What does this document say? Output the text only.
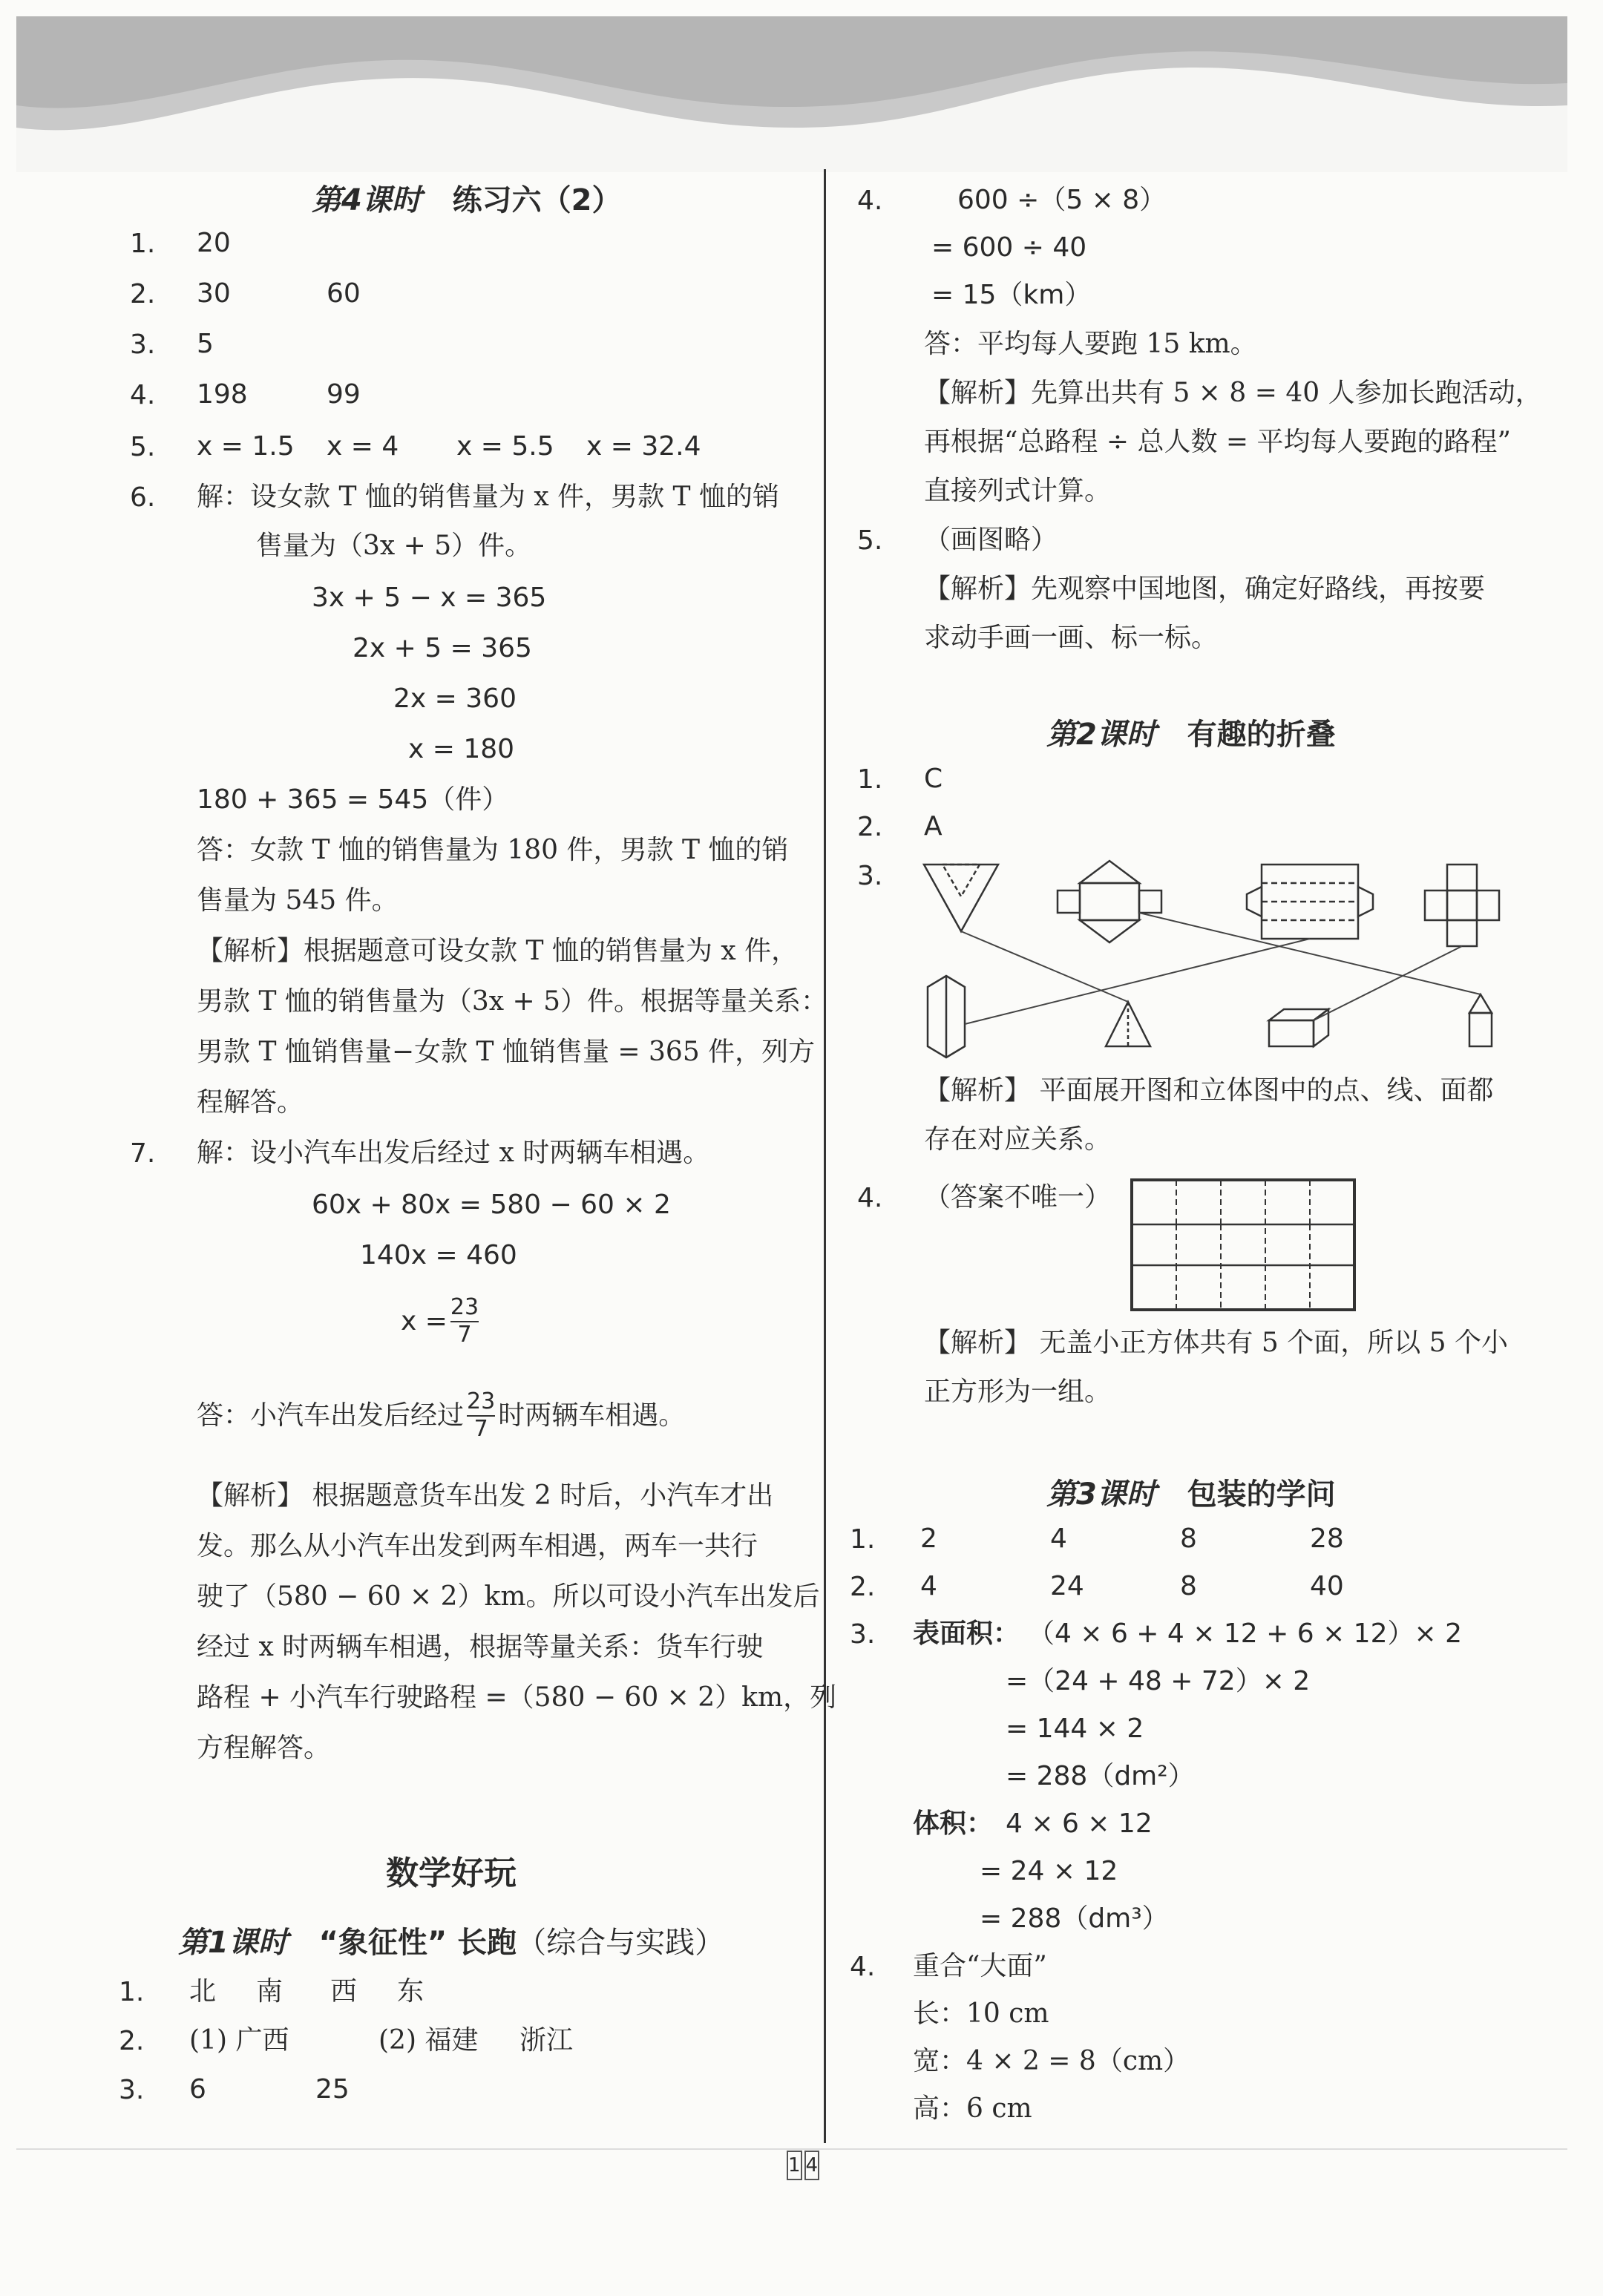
第4课时 练习六（2）
1. 20
2. 30	60
3. 5
4. 198	99
5. x = 1.5 x = 4 x = 5.5 x = 32.4
6. 解：设女款 T 恤的销售量为 x 件，男款 T 恤的销
售量为（3x + 5）件。
3x + 5 − x = 365
2x + 5 = 365
2x = 360
x = 180
180 + 365 = 545（件）
答：女款 T 恤的销售量为 180 件，男款 T 恤的销
售量为 545 件。
【解析】根据题意可设女款 T 恤的销售量为 x 件，
男款 T 恤的销售量为（3x + 5）件。根据等量关系：
男款 T 恤销售量−女款 T 恤销售量 = 365 件，列方
程解答。
7. 解：设小汽车出发后经过 x 时两辆车相遇。
60x + 80x = 580 − 60 × 2
140x = 460
$x = \frac{23}{7}$
答：小汽车出发后经过 $\frac{23}{7}$ 时两辆车相遇。
【解析】 根据题意货车出发 2 时后，小汽车才出
发。那么从小汽车出发到两车相遇，两车一共行
驶了（580 − 60 × 2）km。所以可设小汽车出发后
经过 x 时两辆车相遇，根据等量关系：货车行驶
路程 + 小汽车行驶路程 =（580 − 60 × 2）km，列
方程解答。
数学好玩
第1课时 “象征性” 长跑（综合与实践）
1. 北 南 西 东
2. (1) 广西	(2) 福建 浙江
3. 6	25
4.	600 ÷（5 × 8）
= 600 ÷ 40
= 15（km）
答：平均每人要跑 15 km。
【解析】先算出共有 5 × 8 = 40 人参加长跑活动，
再根据“总路程 ÷ 总人数 = 平均每人要跑的路程”
直接列式计算。
5. （画图略）
【解析】先观察中国地图，确定好路线，再按要
求动手画一画、标一标。
第2课时 有趣的折叠
1. C
2. A
3.
【解析】 平面展开图和立体图中的点、线、面都
存在对应关系。
4. （答案不唯一）
【解析】 无盖小正方体共有 5 个面，所以 5 个小
正方形为一组。
第3课时 包装的学问
1. 2	4	8	28
2. 4	24	8	40
3. 表面积： （4 × 6 + 4 × 12 + 6 × 12）× 2
=（24 + 48 + 72）× 2
= 144 × 2
= 288（dm²）
体积： 4 × 6 × 12
= 24 × 12
= 288（dm³）
4. 重合“大面”
长：10 cm
宽：4 × 2 = 8（cm）
高：6 cm
1 4
